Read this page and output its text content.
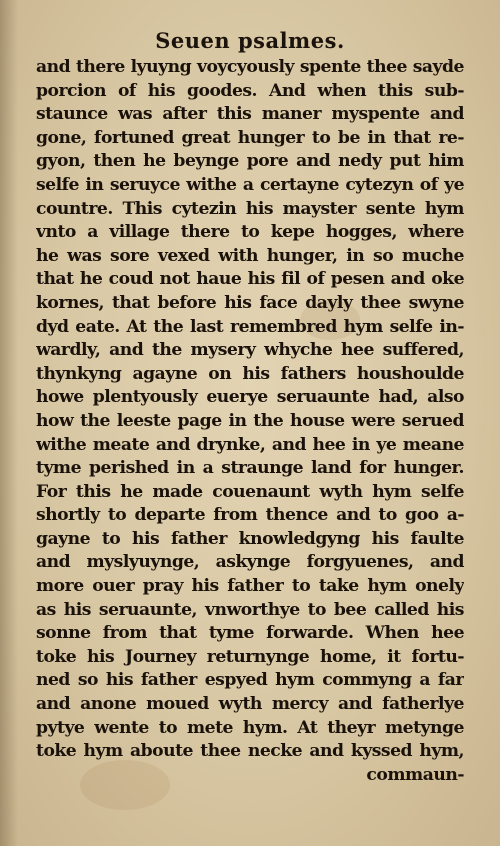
Seuen psalmes.
and there lyuyng voycyously spente thee sayde
porcion of his goodes. And when this sub-
staunce was after this maner myspente and
gone, fortuned great hunger to be in that re-
gyon, then he beynge pore and nedy put him
selfe in seruyce withe a certayne cytezyn of ye
countre. This cytezin his mayster sente hym
vnto a village there to kepe hogges, where
he was sore vexed with hunger, in so muche
that he coud not haue his fil of pesen and oke
kornes, that before his face dayly thee swyne
dyd eate. At the last remembred hym selfe in-
wardly, and the mysery whyche hee suffered,
thynkyng agayne on his fathers houshoulde
howe plentyously euerye seruaunte had, also
how the leeste page in the house were serued
withe meate and drynke, and hee in ye meane
tyme perished in a straunge land for hunger.
For this he made couenaunt wyth hym selfe
shortly to departe from thence and to goo a-
gayne to his father knowledgyng his faulte
and myslyuynge, askynge forgyuenes, and
more ouer pray his father to take hym onely
as his seruaunte, vnworthye to bee called his
sonne from that tyme forwarde. When hee
toke his Journey returnynge home, it fortu-
ned so his father espyed hym commyng a far
and anone moued wyth mercy and fatherlye
pytye wente to mete hym. At theyr metynge
toke hym aboute thee necke and kyssed hym,
commaun-
